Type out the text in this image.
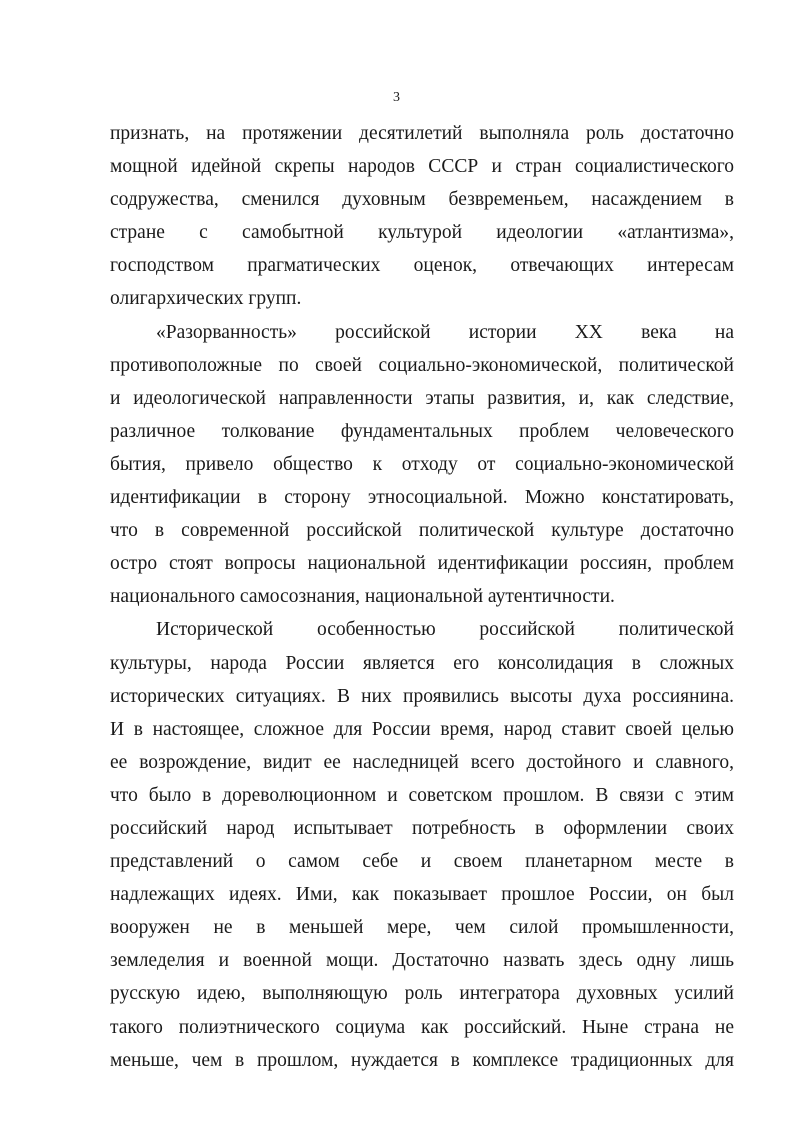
3
признать, на протяжении десятилетий выполняла роль достаточно
мощной идейной скрепы народов СССР и стран социалистического
содружества, сменился духовным безвременьем, насаждением в
стране с самобытной культурой идеологии «атлантизма»,
господством прагматических оценок, отвечающих интересам
олигархических групп.
«Разорванность» российской истории XX века на
противоположные по своей социально-экономической, политической
и идеологической направленности этапы развития, и, как следствие,
различное толкование фундаментальных проблем человеческого
бытия, привело общество к отходу от социально-экономической
идентификации в сторону этносоциальной. Можно констатировать,
что в современной российской политической культуре достаточно
остро стоят вопросы национальной идентификации россиян, проблем
национального самосознания, национальной аутентичности.
Исторической особенностью российской политической
культуры, народа России является его консолидация в сложных
исторических ситуациях. В них проявились высоты духа россиянина.
И в настоящее, сложное для России время, народ ставит своей целью
ее возрождение, видит ее наследницей всего достойного и славного,
что было в дореволюционном и советском прошлом. В связи с этим
российский народ испытывает потребность в оформлении своих
представлений о самом себе и своем планетарном месте в
надлежащих идеях. Ими, как показывает прошлое России, он был
вооружен не в меньшей мере, чем силой промышленности,
земледелия и военной мощи. Достаточно назвать здесь одну лишь
русскую идею, выполняющую роль интегратора духовных усилий
такого полиэтнического социума как российский. Ныне страна не
меньше, чем в прошлом, нуждается в комплексе традиционных для
